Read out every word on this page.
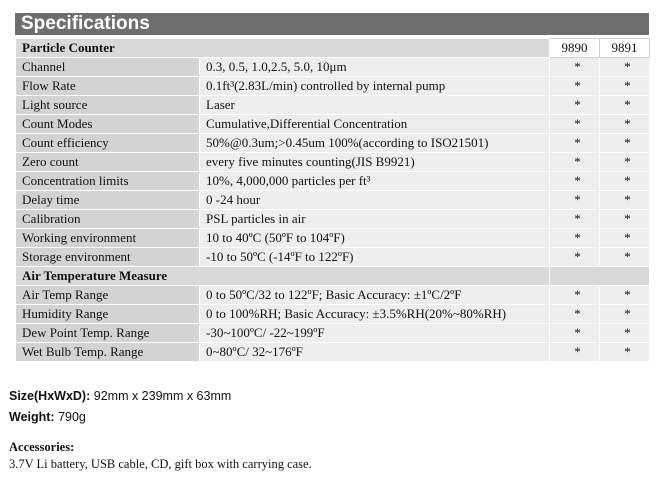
Specifications
Particle Counter		9890	9891
Channel	0.3, 0.5, 1.0,2.5, 5.0, 10μm	*	*
Flow Rate	0.1ft³(2.83L/min) controlled by internal pump	*	*
Light source	Laser	*	*
Count Modes	Cumulative,Differential Concentration	*	*
Count efficiency	50%@0.3um;>0.45um 100%(according to ISO21501)	*	*
Zero count	every five minutes counting(JIS B9921)	*	*
Concentration limits	10%, 4,000,000 particles per ft³	*	*
Delay time	0 -24 hour	*	*
Calibration	PSL particles in air	*	*
Working environment	10 to 40ºC (50ºF to 104ºF)	*	*
Storage environment	-10 to 50ºC (-14ºF to 122ºF)	*	*
Air Temperature Measure			
Air Temp Range	0 to 50ºC/32 to 122ºF; Basic Accuracy: ±1ºC/2ºF	*	*
Humidity Range	0 to 100%RH; Basic Accuracy: ±3.5%RH(20%~80%RH)	*	*
Dew Point Temp. Range	-30~100ºC/ -22~199ºF	*	*
Wet Bulb Temp. Range	0~80ºC/ 32~176ºF	*	*
Size(HxWxD): 92mm x 239mm x 63mm
Weight: 790g
Accessories:
3.7V Li battery, USB cable, CD, gift box with carrying case.
